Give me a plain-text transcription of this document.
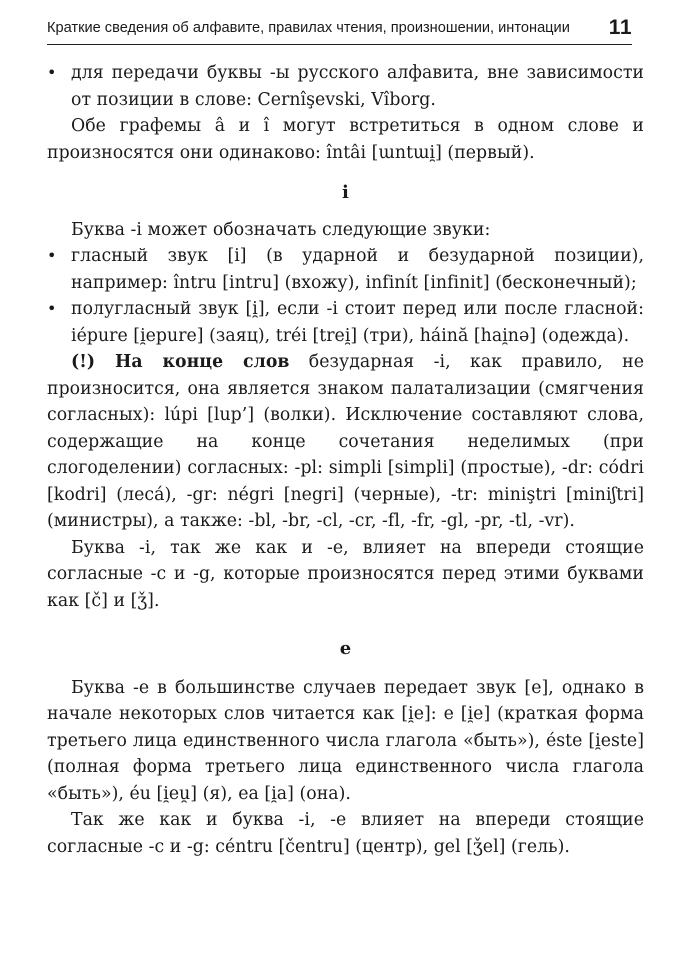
Краткие сведения об алфавите, правилах чтения, произношении, интонации 11

• для передачи буквы -ы русского алфавита, вне зависимости от позиции в слове: Cernîşevski, Vîborg.

Обе графемы â и î могут встретиться в одном слове и произносятся они одинаково: întâi [ɯntɯi̯] (первый).

i

Буква -i может обозначать следующие звуки:

• гласный звук [i] (в ударной и безударной позиции), например: întru [intru] (вхожу), infinít [infinit] (бесконечный);

• полугласный звук [i̯], если -i стоит перед или после гласной: iépure [i̯epure] (заяц), tréi [trei̯] (три), háină [hai̯nə] (одежда).

(!) На конце слов безударная -i, как правило, не произносится, она является знаком палатализации (смягчения согласных): lúpi [lup’] (волки). Исключение составляют слова, содержащие на конце сочетания неделимых (при слогоделении) согласных: -pl: simpli [simpli] (простые), -dr: códri [kodri] (лесá), -gr: négri [negri] (черные), -tr: miniştri [miniʃtri] (министры), а также: -bl, -br, -cl, -cr, -fl, -fr, -gl, -pr, -tl, -vr).

Буква -i, так же как и -e, влияет на впереди стоящие согласные -c и -g, которые произносятся перед этими буквами как [č] и [ǯ].

e

Буква -e в большинстве случаев передает звук [e], однако в начале некоторых слов читается как [i̯e]: e [i̯e] (краткая форма третьего лица единственного числа глагола «быть»), éste [i̯este] (полная форма третьего лица единственного числа глагола «быть»), éu [i̯eu̯] (я), ea [i̯a] (она).

Так же как и буква -i, -e влияет на впереди стоящие согласные -c и -g: céntru [čentru] (центр), gel [ǯel] (гель).
